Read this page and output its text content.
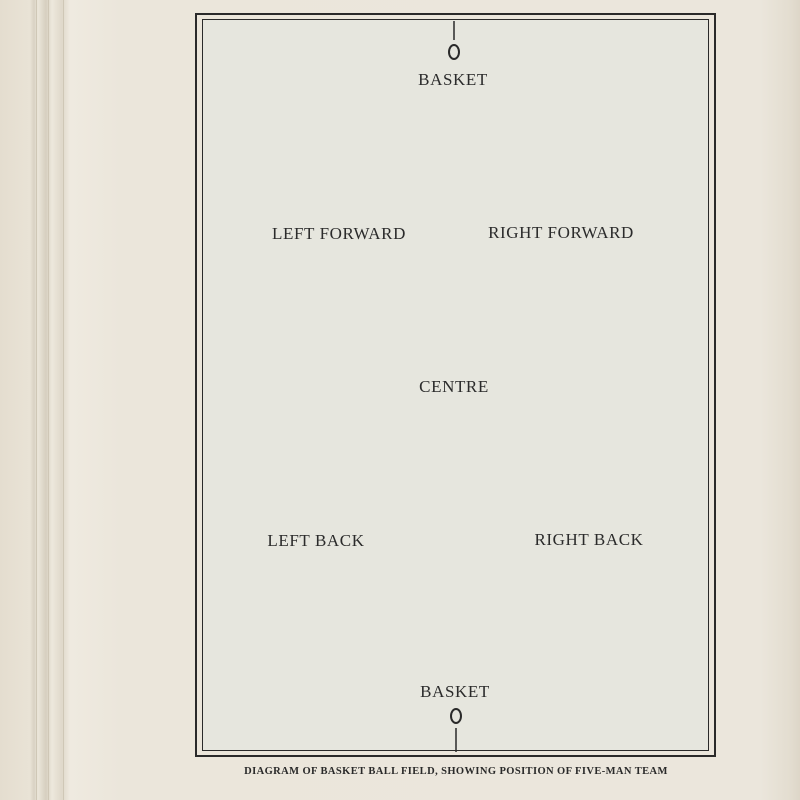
BASKET
LEFT FORWARD	RIGHT FORWARD
CENTRE
LEFT BACK	RIGHT BACK
BASKET
DIAGRAM OF BASKET BALL FIELD, SHOWING POSITION OF FIVE-MAN TEAM
